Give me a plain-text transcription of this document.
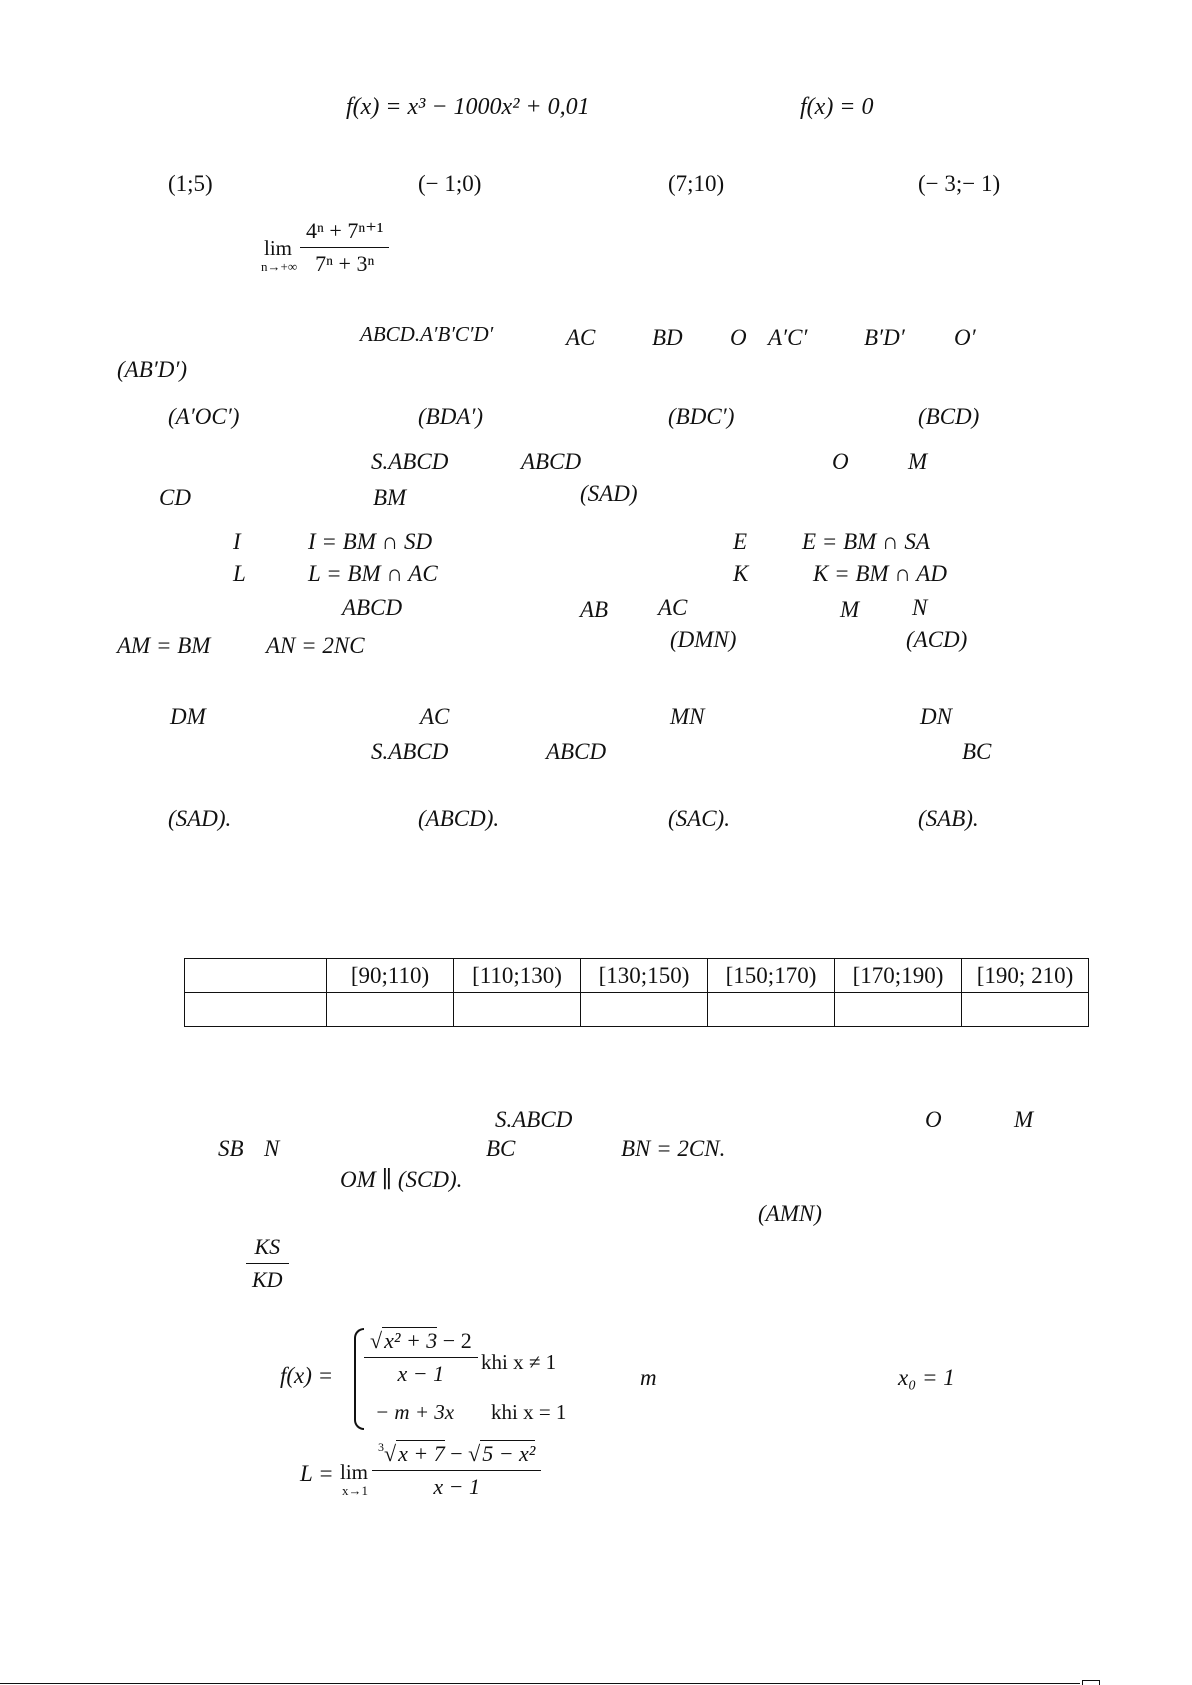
f(x) = x³ − 1000x² + 0,01	f(x) = 0
(1;5)	(− 1;0)	(7;10)	(− 3;− 1)
lim
n→+∞
4ⁿ + 7ⁿ⁺¹
7ⁿ + 3ⁿ
ABCD.A′B′C′D′	AC BD O A′C′ B′D′ O′
(AB′D′)
(A′OC′)	(BDA′)	(BDC′)	(BCD)
S.ABCD	ABCD	O	M
CD	BM	(SAD)
I	I = BM ∩ SD	E E = BM ∩ SA
L	L = BM ∩ AC	K	K = BM ∩ AD
ABCD	AB AC	M N
AM = BM AN = 2NC	(DMN)	(ACD)
DM	AC	MN	DN
S.ABCD	ABCD	BC
(SAD).	(ABCD).	(SAC).	(SAB).
	[90;110)	[110;130)	[130;150)	[150;170)	[170;190)	[190; 210)

S.ABCD	O	M
SB N	BC	BN = 2CN.
OM ∥ (SCD).
(AMN)
KS
KD
f(x) =
√x² + 3 − 2
x − 1	khi x ≠ 1
− m + 3x khi x = 1
m	x₀ = 1
L = lim
x→1
$^3$√x + 7 − √5 − x²
x − 1
